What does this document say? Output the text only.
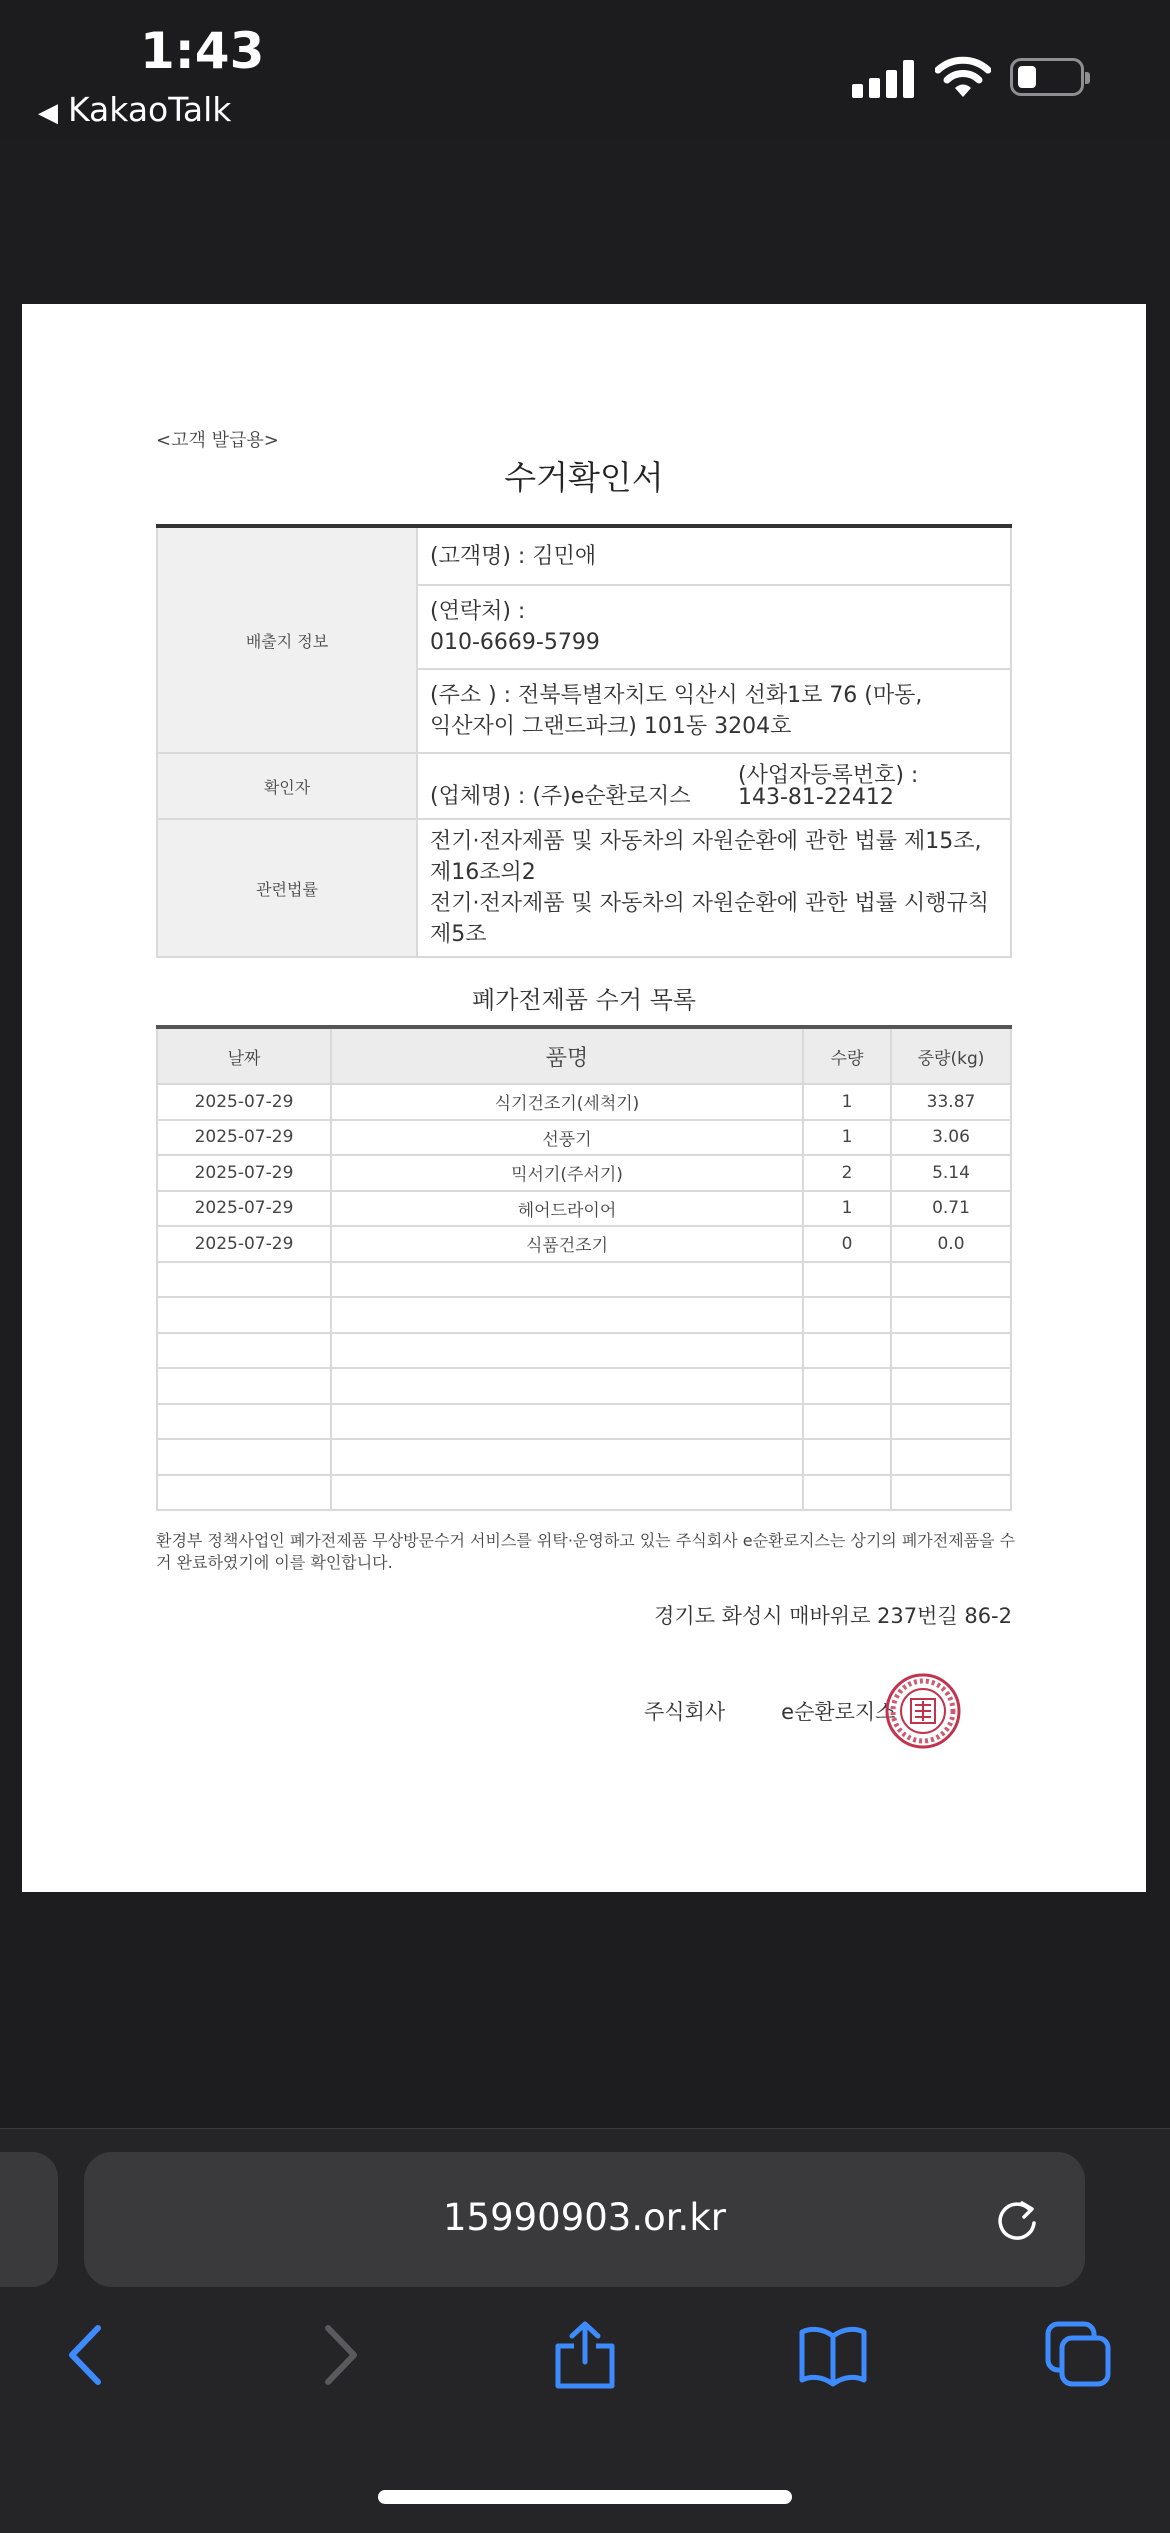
1:43
◀ KakaoTalk
<고객 발급용>
수거확인서
배출지 정보	(고객명) : 김민애

	(연락처) :
010-6669-5799

	(주소 ) : 전북특별자치도 익산시 선화1로 76 (마동,
익산자이 그랜드파크) 101동 3204호

확인자	(업체명) : (주)e순환로지스
(사업자등록번호) :
143-81-22412

관련법률	전기·전자제품 및 자동차의 자원순환에 관한 법률 제15조,
제16조의2
전기·전자제품 및 자동차의 자원순환에 관한 법률 시행규칙
제5조
폐가전제품 수거 목록
날짜	품명	수량	중량(kg)
2025-07-29	식기건조기(세척기)	1	33.87
2025-07-29	선풍기	1	3.06
2025-07-29	믹서기(주서기)	2	5.14
2025-07-29	헤어드라이어	1	0.71
2025-07-29	식품건조기	0	0.0

환경부 정책사업인 폐가전제품 무상방문수거 서비스를 위탁·운영하고 있는 주식회사 e순환로지스는 상기의 폐가전제품을 수거 완료하였기에 이를 확인합니다.
경기도 화성시 매바위로 237번길 86-2
주식회사	e순환로지스
15990903.or.kr
